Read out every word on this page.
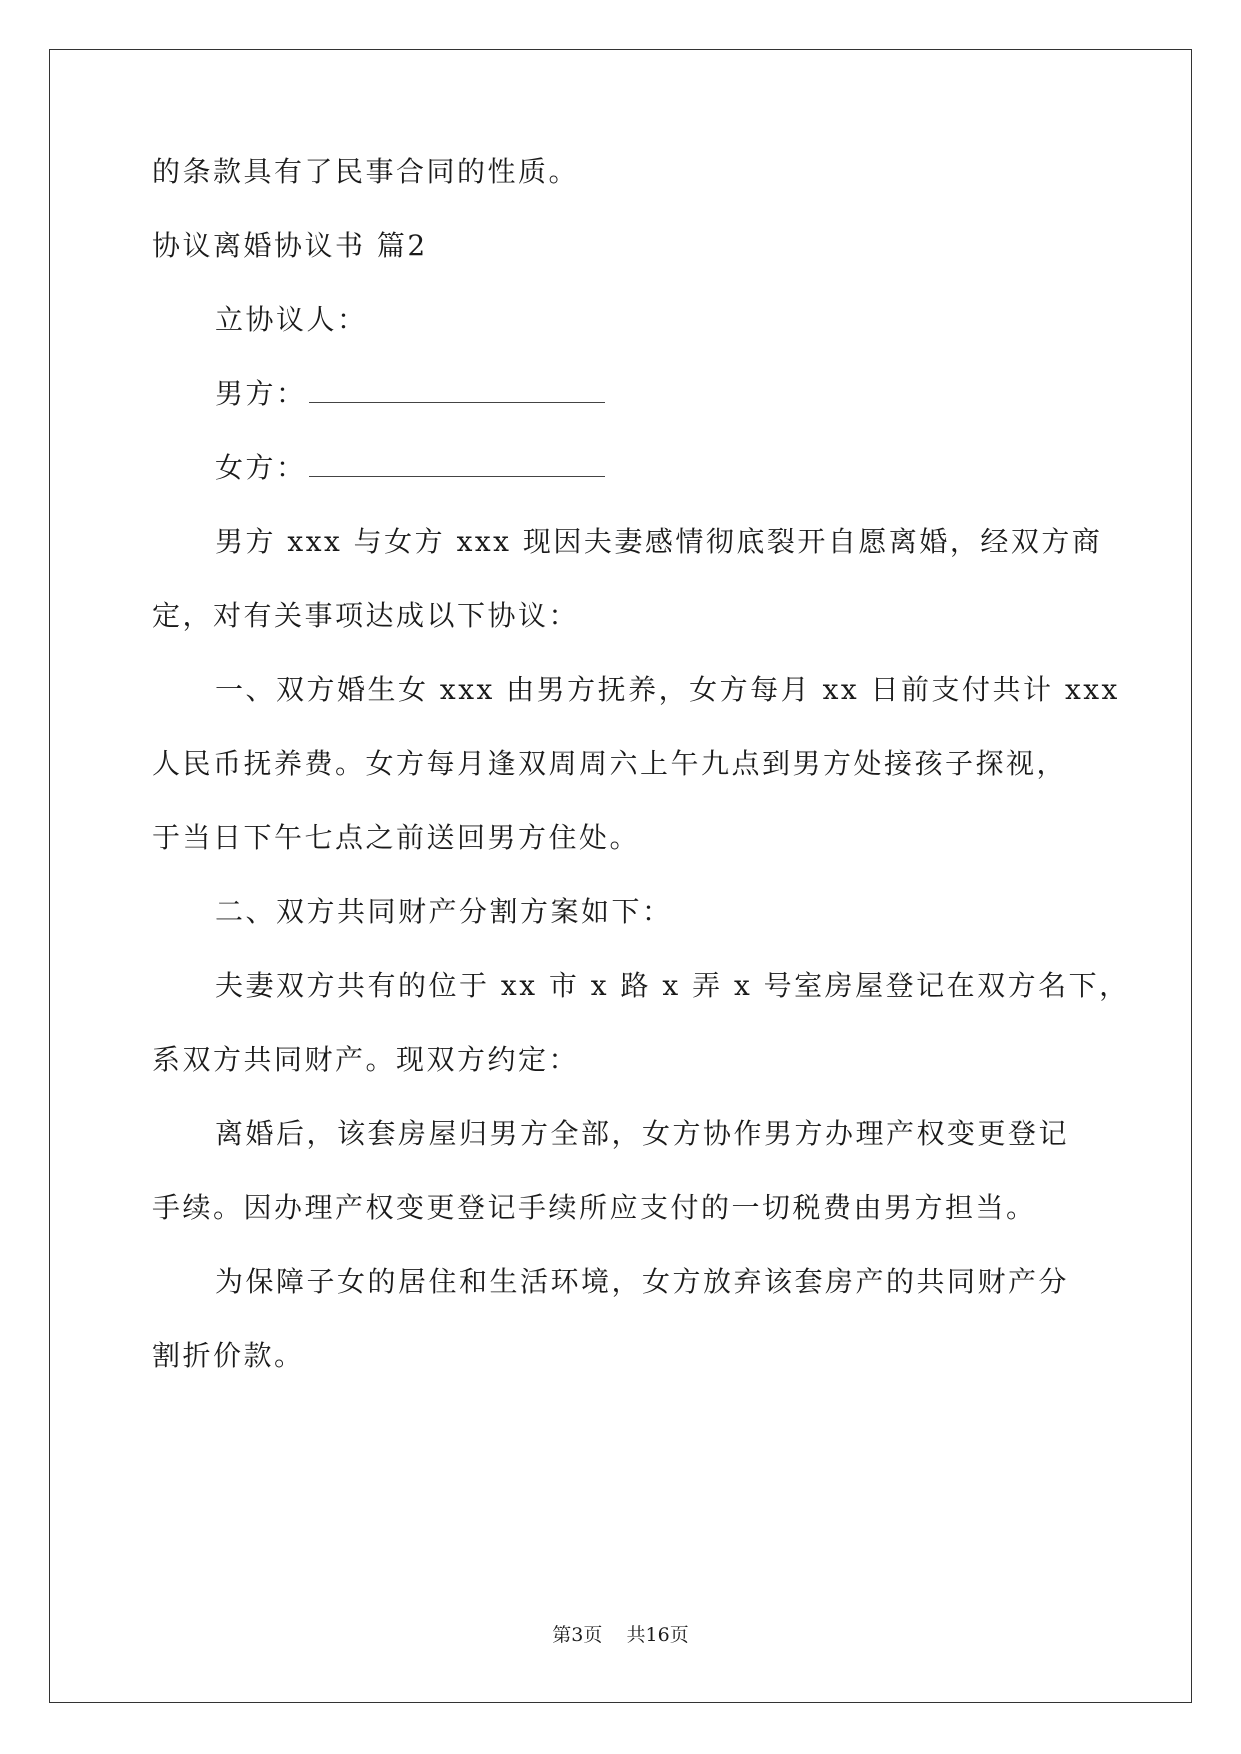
的条款具有了民事合同的性质。
协议离婚协议书 篇2
立协议人：
男方：
女方：
男方 xxx 与女方 xxx 现因夫妻感情彻底裂开自愿离婚，经双方商
定，对有关事项达成以下协议：
一、双方婚生女 xxx 由男方抚养，女方每月 xx 日前支付共计 xxx
人民币抚养费。女方每月逢双周周六上午九点到男方处接孩子探视，
于当日下午七点之前送回男方住处。
二、双方共同财产分割方案如下：
夫妻双方共有的位于 xx 市 x 路 x 弄 x 号室房屋登记在双方名下，
系双方共同财产。现双方约定：
离婚后，该套房屋归男方全部，女方协作男方办理产权变更登记
手续。因办理产权变更登记手续所应支付的一切税费由男方担当。
为保障子女的居住和生活环境，女方放弃该套房产的共同财产分
割折价款。
第3页 共16页
